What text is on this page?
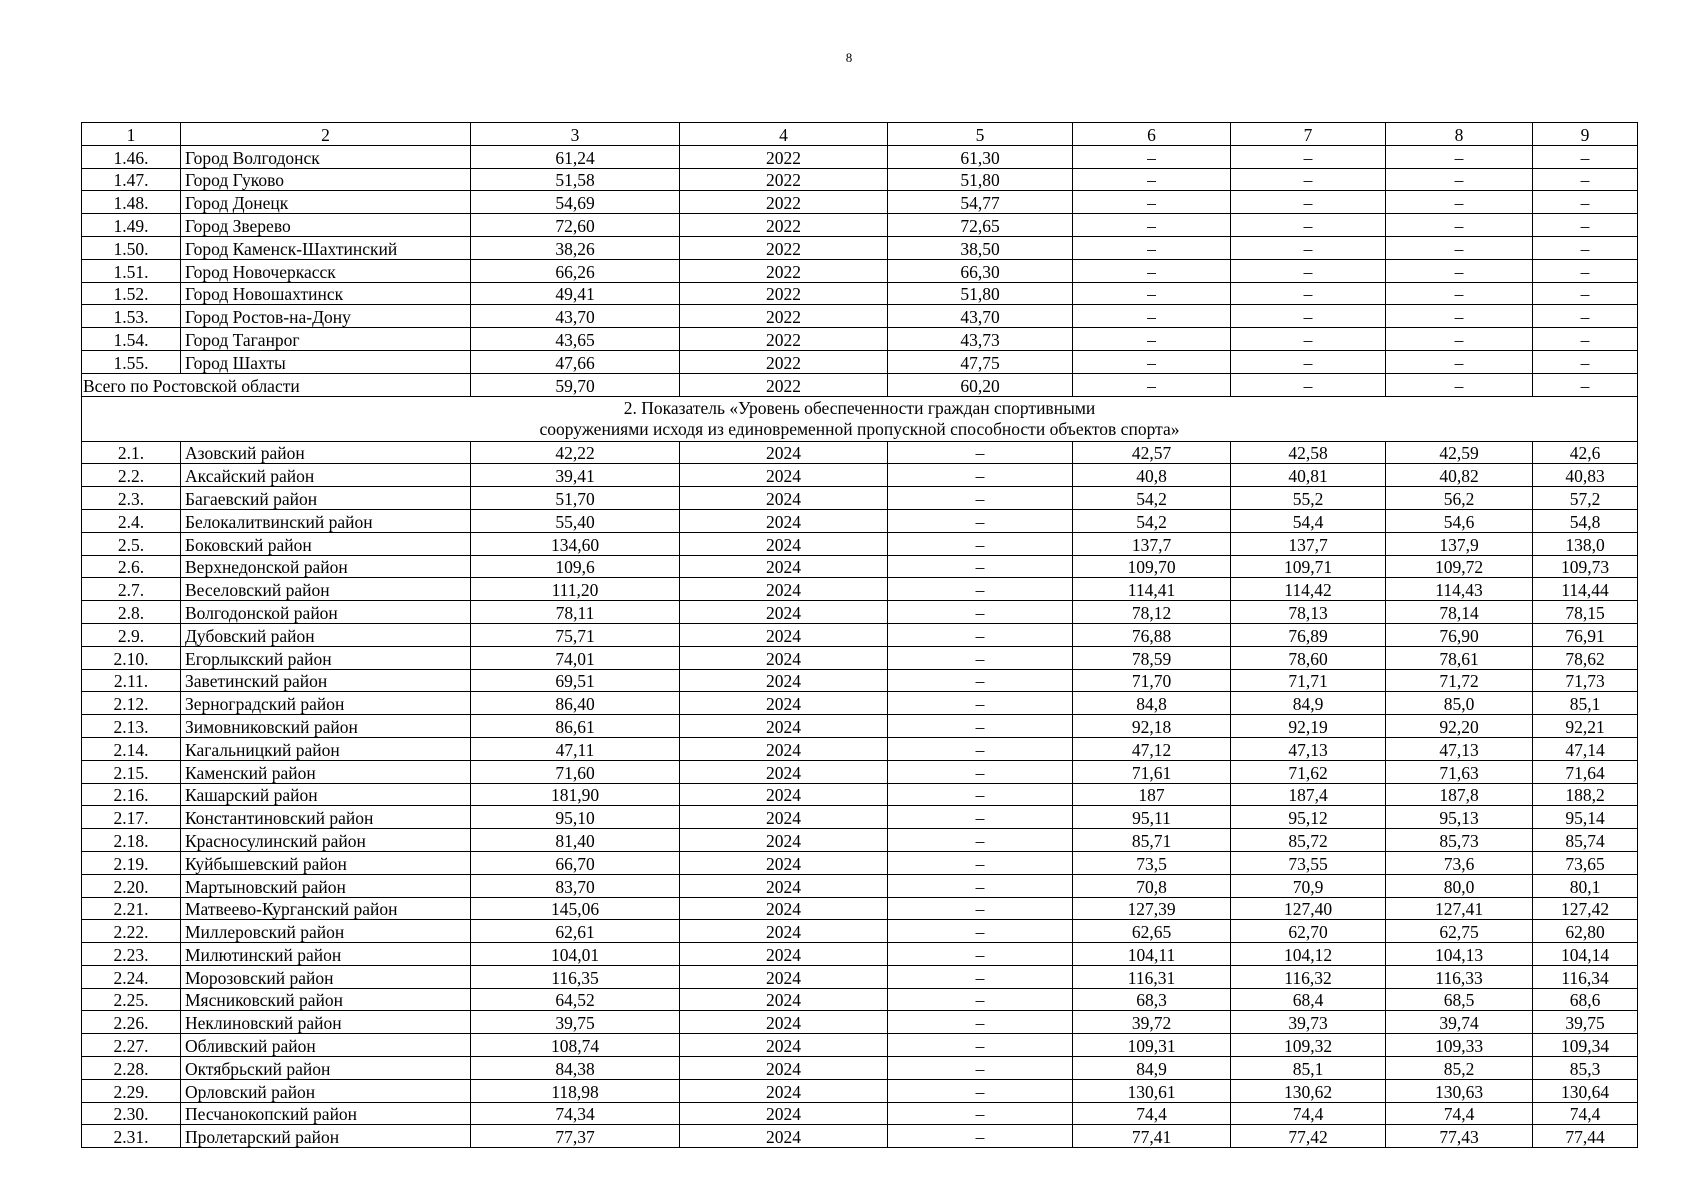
8
1	2	3	4	5	6	7	8	9
1.46.	Город Волгодонск	61,24	2022	61,30	–	–	–	–
1.47.	Город Гуково	51,58	2022	51,80	–	–	–	–
1.48.	Город Донецк	54,69	2022	54,77	–	–	–	–
1.49.	Город Зверево	72,60	2022	72,65	–	–	–	–
1.50.	Город Каменск-Шахтинский	38,26	2022	38,50	–	–	–	–
1.51.	Город Новочеркасск	66,26	2022	66,30	–	–	–	–
1.52.	Город Новошахтинск	49,41	2022	51,80	–	–	–	–
1.53.	Город Ростов-на-Дону	43,70	2022	43,70	–	–	–	–
1.54.	Город Таганрог	43,65	2022	43,73	–	–	–	–
1.55.	Город Шахты	47,66	2022	47,75	–	–	–	–
Всего по Ростовской области		59,70	2022	60,20	–	–	–	–

2. Показатель «Уровень обеспеченности граждан спортивными
сооружениями исходя из единовременной пропускной способности объектов спорта»								

2.1.	Азовский район	42,22	2024	–	42,57	42,58	42,59	42,6
2.2.	Аксайский район	39,41	2024	–	40,8	40,81	40,82	40,83
2.3.	Багаевский район	51,70	2024	–	54,2	55,2	56,2	57,2
2.4.	Белокалитвинский район	55,40	2024	–	54,2	54,4	54,6	54,8
2.5.	Боковский район	134,60	2024	–	137,7	137,7	137,9	138,0
2.6.	Верхнедонской район	109,6	2024	–	109,70	109,71	109,72	109,73
2.7.	Веселовский район	111,20	2024	–	114,41	114,42	114,43	114,44
2.8.	Волгодонской район	78,11	2024	–	78,12	78,13	78,14	78,15
2.9.	Дубовский район	75,71	2024	–	76,88	76,89	76,90	76,91
2.10.	Егорлыкский район	74,01	2024	–	78,59	78,60	78,61	78,62
2.11.	Заветинский район	69,51	2024	–	71,70	71,71	71,72	71,73
2.12.	Зерноградский район	86,40	2024	–	84,8	84,9	85,0	85,1
2.13.	Зимовниковский район	86,61	2024	–	92,18	92,19	92,20	92,21
2.14.	Кагальницкий район	47,11	2024	–	47,12	47,13	47,13	47,14
2.15.	Каменский район	71,60	2024	–	71,61	71,62	71,63	71,64
2.16.	Кашарский район	181,90	2024	–	187	187,4	187,8	188,2
2.17.	Константиновский район	95,10	2024	–	95,11	95,12	95,13	95,14
2.18.	Красносулинский район	81,40	2024	–	85,71	85,72	85,73	85,74
2.19.	Куйбышевский район	66,70	2024	–	73,5	73,55	73,6	73,65
2.20.	Мартыновский район	83,70	2024	–	70,8	70,9	80,0	80,1
2.21.	Матвеево-Курганский район	145,06	2024	–	127,39	127,40	127,41	127,42
2.22.	Миллеровский район	62,61	2024	–	62,65	62,70	62,75	62,80
2.23.	Милютинский район	104,01	2024	–	104,11	104,12	104,13	104,14
2.24.	Морозовский район	116,35	2024	–	116,31	116,32	116,33	116,34
2.25.	Мясниковский район	64,52	2024	–	68,3	68,4	68,5	68,6
2.26.	Неклиновский район	39,75	2024	–	39,72	39,73	39,74	39,75
2.27.	Обливский район	108,74	2024	–	109,31	109,32	109,33	109,34
2.28.	Октябрьский район	84,38	2024	–	84,9	85,1	85,2	85,3
2.29.	Орловский район	118,98	2024	–	130,61	130,62	130,63	130,64
2.30.	Песчанокопский район	74,34	2024	–	74,4	74,4	74,4	74,4
2.31.	Пролетарский район	77,37	2024	–	77,41	77,42	77,43	77,44
